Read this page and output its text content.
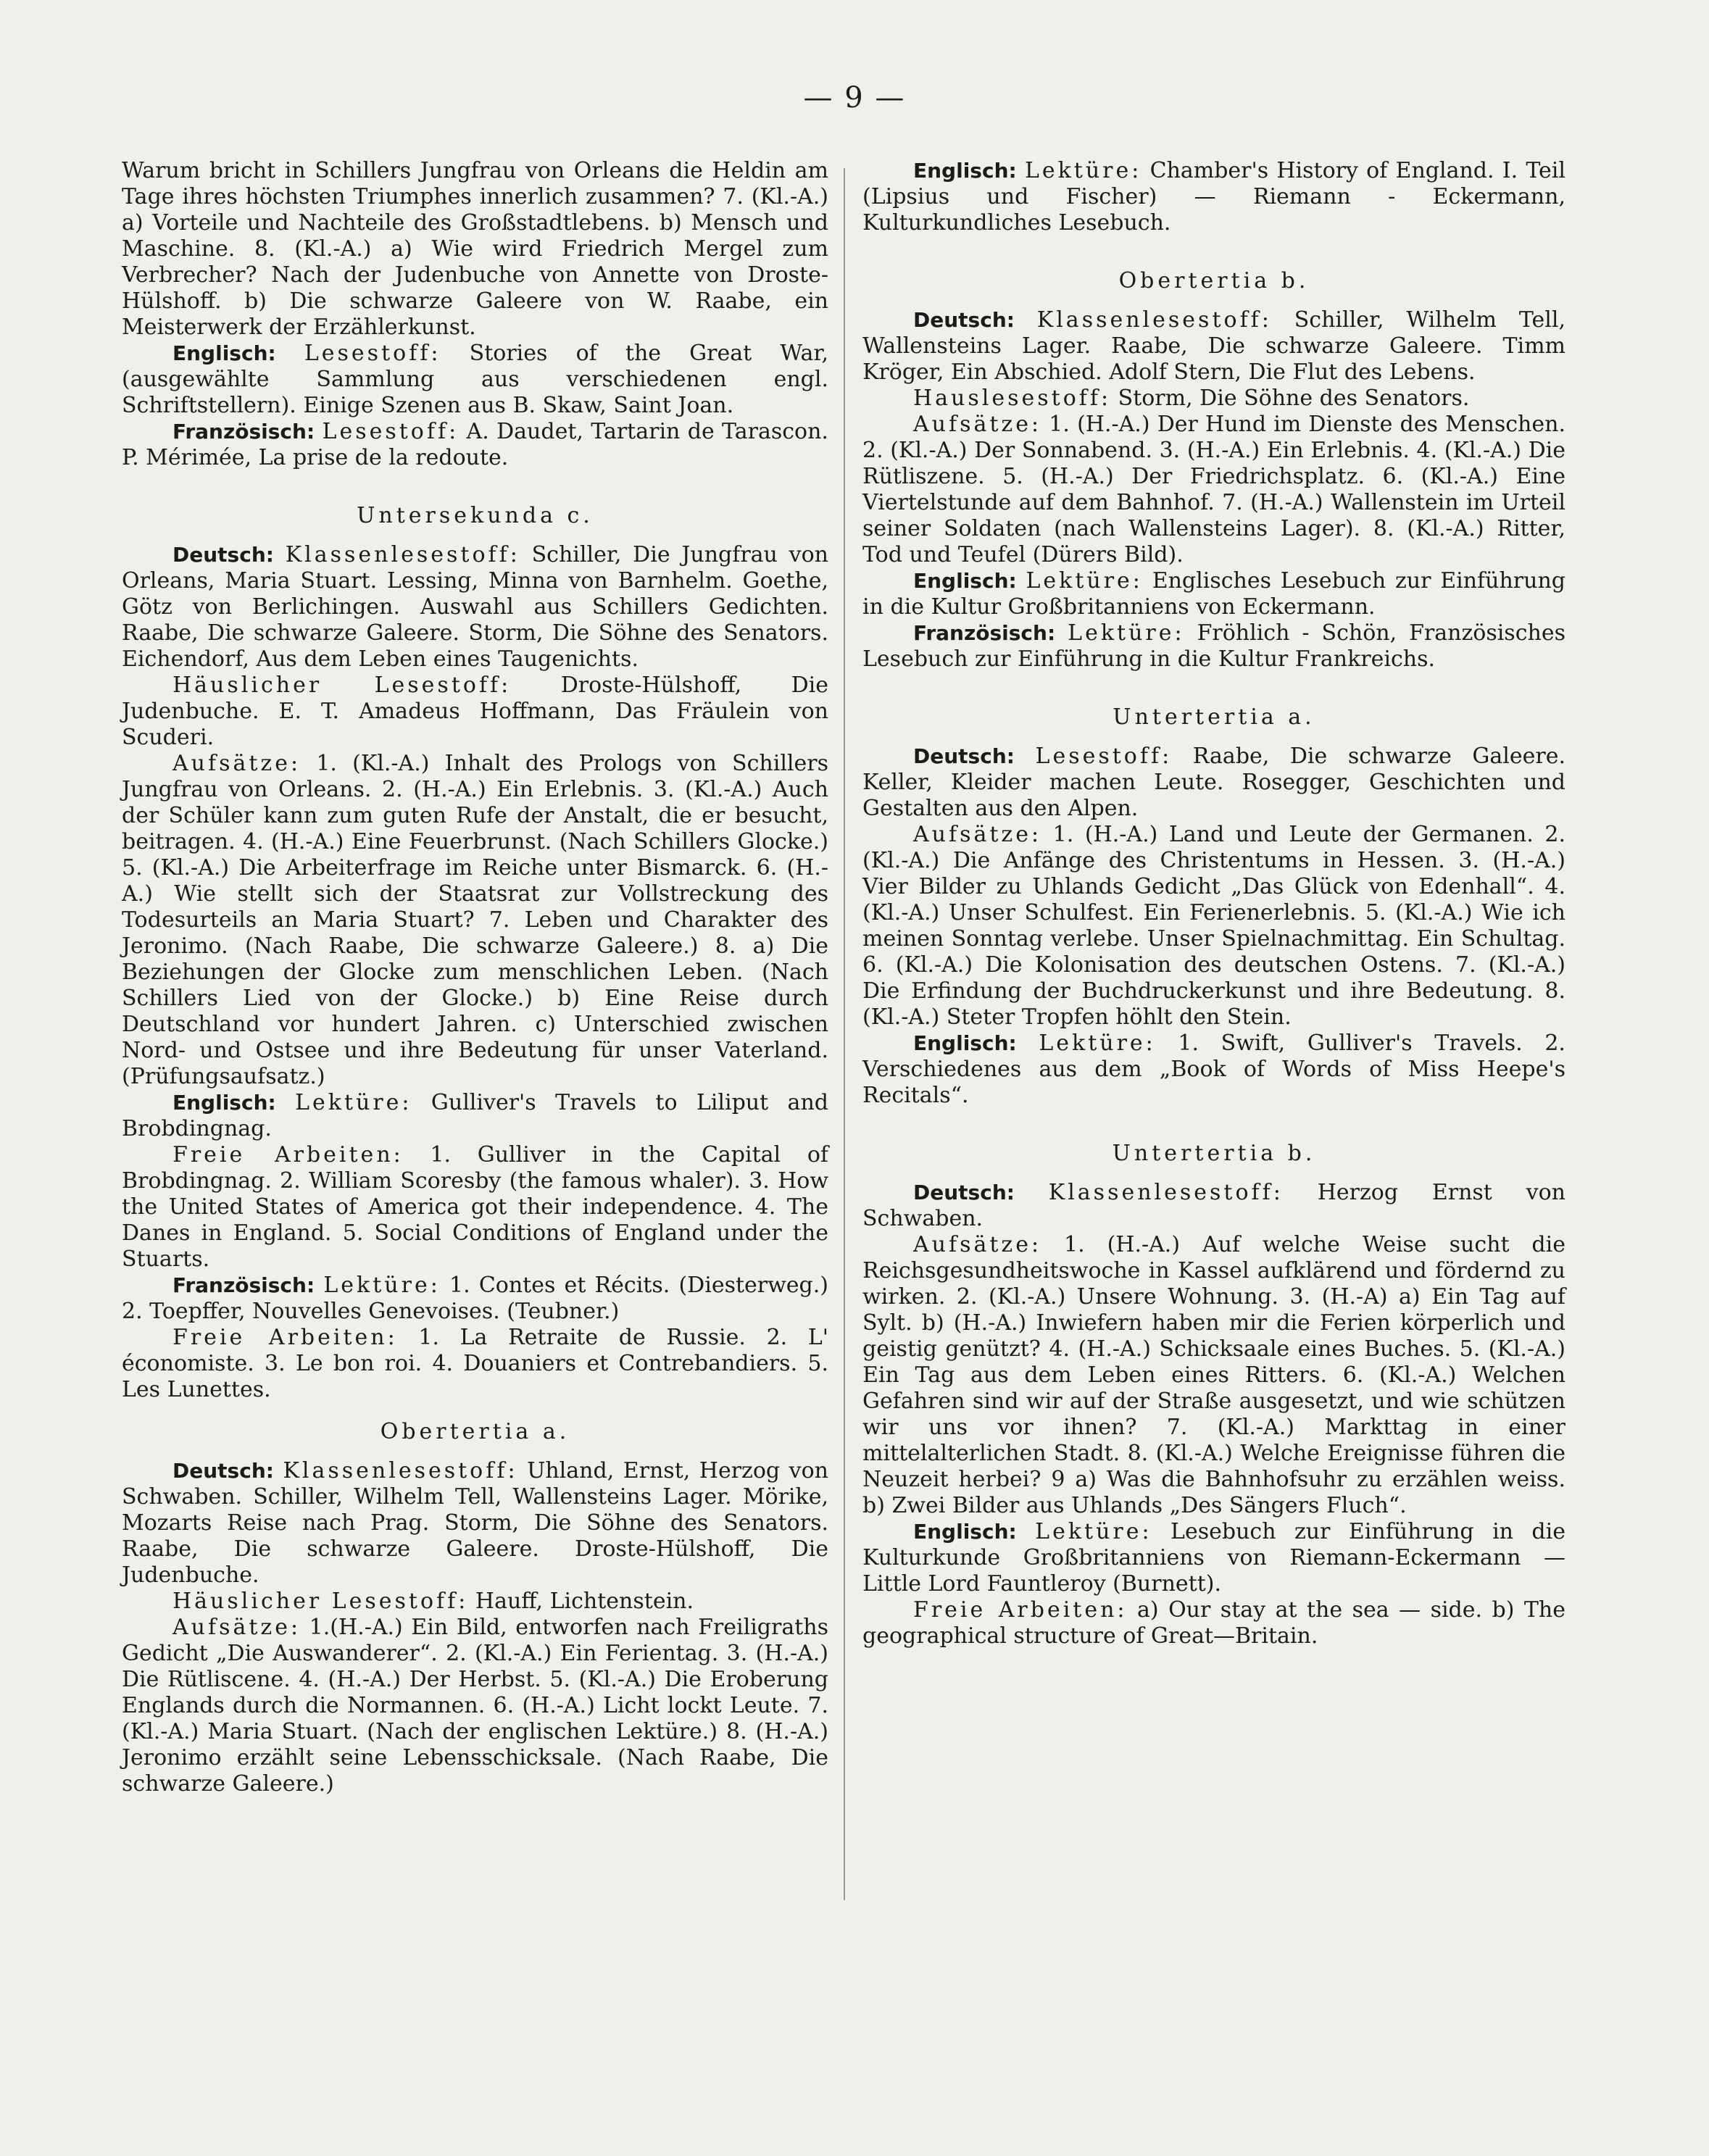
— 9 —

Warum bricht in Schillers Jungfrau von Orleans die Heldin am Tage ihres höchsten Triumphes innerlich zusammen? 7. (Kl.-A.) a) Vorteile und Nachteile des Großstadtlebens. b) Mensch und Maschine. 8. (Kl.-A.) a) Wie wird Friedrich Mergel zum Verbrecher? Nach der Judenbuche von Annette von Droste-Hülshoff. b) Die schwarze Galeere von W. Raabe, ein Meisterwerk der Erzählerkunst.

Englisch: Lesestoff: Stories of the Great War, (ausgewählte Sammlung aus verschiedenen engl. Schriftstellern). Einige Szenen aus B. Skaw, Saint Joan.

Französisch: Lesestoff: A. Daudet, Tartarin de Tarascon. P. Mérimée, La prise de la redoute.

Untersekunda c.

Deutsch: Klassenlesestoff: Schiller, Die Jungfrau von Orleans, Maria Stuart. Lessing, Minna von Barnhelm. Goethe, Götz von Berlichingen. Auswahl aus Schillers Gedichten. Raabe, Die schwarze Galeere. Storm, Die Söhne des Senators. Eichendorf, Aus dem Leben eines Taugenichts.

Häuslicher Lesestoff: Droste-Hülshoff, Die Judenbuche. E. T. Amadeus Hoffmann, Das Fräulein von Scuderi.

Aufsätze: 1. (Kl.-A.) Inhalt des Prologs von Schillers Jungfrau von Orleans. 2. (H.-A.) Ein Erlebnis. 3. (Kl.-A.) Auch der Schüler kann zum guten Rufe der Anstalt, die er besucht, beitragen. 4. (H.-A.) Eine Feuerbrunst. (Nach Schillers Glocke.) 5. (Kl.-A.) Die Arbeiterfrage im Reiche unter Bismarck. 6. (H.-A.) Wie stellt sich der Staatsrat zur Vollstreckung des Todesurteils an Maria Stuart? 7. Leben und Charakter des Jeronimo. (Nach Raabe, Die schwarze Galeere.) 8. a) Die Beziehungen der Glocke zum menschlichen Leben. (Nach Schillers Lied von der Glocke.) b) Eine Reise durch Deutschland vor hundert Jahren. c) Unterschied zwischen Nord- und Ostsee und ihre Bedeutung für unser Vaterland. (Prüfungsaufsatz.)

Englisch: Lektüre: Gulliver's Travels to Liliput and Brobdingnag.

Freie Arbeiten: 1. Gulliver in the Capital of Brobdingnag. 2. William Scoresby (the famous whaler). 3. How the United States of America got their independence. 4. The Danes in England. 5. Social Conditions of England under the Stuarts.

Französisch: Lektüre: 1. Contes et Récits. (Diesterweg.) 2. Toepffer, Nouvelles Genevoises. (Teubner.)

Freie Arbeiten: 1. La Retraite de Russie. 2. L' économiste. 3. Le bon roi. 4. Douaniers et Contrebandiers. 5. Les Lunettes.

Obertertia a.

Deutsch: Klassenlesestoff: Uhland, Ernst, Herzog von Schwaben. Schiller, Wilhelm Tell, Wallensteins Lager. Mörike, Mozarts Reise nach Prag. Storm, Die Söhne des Senators. Raabe, Die schwarze Galeere. Droste-Hülshoff, Die Judenbuche.

Häuslicher Lesestoff: Hauff, Lichtenstein.

Aufsätze: 1.(H.-A.) Ein Bild, entworfen nach Freiligraths Gedicht „Die Auswanderer“. 2. (Kl.-A.) Ein Ferientag. 3. (H.-A.) Die Rütliscene. 4. (H.-A.) Der Herbst. 5. (Kl.-A.) Die Eroberung Englands durch die Normannen. 6. (H.-A.) Licht lockt Leute. 7. (Kl.-A.) Maria Stuart. (Nach der englischen Lektüre.) 8. (H.-A.) Jeronimo erzählt seine Lebensschicksale. (Nach Raabe, Die schwarze Galeere.)

Englisch: Lektüre: Chamber's History of England. I. Teil (Lipsius und Fischer) — Riemann - Eckermann, Kulturkundliches Lesebuch.

Obertertia b.

Deutsch: Klassenlesestoff: Schiller, Wilhelm Tell, Wallensteins Lager. Raabe, Die schwarze Galeere. Timm Kröger, Ein Abschied. Adolf Stern, Die Flut des Lebens.

Hauslesestoff: Storm, Die Söhne des Senators.

Aufsätze: 1. (H.-A.) Der Hund im Dienste des Menschen. 2. (Kl.-A.) Der Sonnabend. 3. (H.-A.) Ein Erlebnis. 4. (Kl.-A.) Die Rütliszene. 5. (H.-A.) Der Friedrichsplatz. 6. (Kl.-A.) Eine Viertelstunde auf dem Bahnhof. 7. (H.-A.) Wallenstein im Urteil seiner Soldaten (nach Wallensteins Lager). 8. (Kl.-A.) Ritter, Tod und Teufel (Dürers Bild).

Englisch: Lektüre: Englisches Lesebuch zur Einführung in die Kultur Großbritanniens von Eckermann.

Französisch: Lektüre: Fröhlich - Schön, Französisches Lesebuch zur Einführung in die Kultur Frankreichs.

Untertertia a.

Deutsch: Lesestoff: Raabe, Die schwarze Galeere. Keller, Kleider machen Leute. Rosegger, Geschichten und Gestalten aus den Alpen.

Aufsätze: 1. (H.-A.) Land und Leute der Germanen. 2. (Kl.-A.) Die Anfänge des Christentums in Hessen. 3. (H.-A.) Vier Bilder zu Uhlands Gedicht „Das Glück von Edenhall“. 4. (Kl.-A.) Unser Schulfest. Ein Ferienerlebnis. 5. (Kl.-A.) Wie ich meinen Sonntag verlebe. Unser Spielnachmittag. Ein Schultag. 6. (Kl.-A.) Die Kolonisation des deutschen Ostens. 7. (Kl.-A.) Die Erfindung der Buchdruckerkunst und ihre Bedeutung. 8. (Kl.-A.) Steter Tropfen höhlt den Stein.

Englisch: Lektüre: 1. Swift, Gulliver's Travels. 2. Verschiedenes aus dem „Book of Words of Miss Heepe's Recitals“.

Untertertia b.

Deutsch: Klassenlesestoff: Herzog Ernst von Schwaben.

Aufsätze: 1. (H.-A.) Auf welche Weise sucht die Reichsgesundheitswoche in Kassel aufklärend und fördernd zu wirken. 2. (Kl.-A.) Unsere Wohnung. 3. (H.-A) a) Ein Tag auf Sylt. b) (H.-A.) Inwiefern haben mir die Ferien körperlich und geistig genützt? 4. (H.-A.) Schicksaale eines Buches. 5. (Kl.-A.) Ein Tag aus dem Leben eines Ritters. 6. (Kl.-A.) Welchen Gefahren sind wir auf der Straße ausgesetzt, und wie schützen wir uns vor ihnen? 7. (Kl.-A.) Markttag in einer mittelalterlichen Stadt. 8. (Kl.-A.) Welche Ereignisse führen die Neuzeit herbei? 9 a) Was die Bahnhofsuhr zu erzählen weiss. b) Zwei Bilder aus Uhlands „Des Sängers Fluch“.

Englisch: Lektüre: Lesebuch zur Einführung in die Kulturkunde Großbritanniens von Riemann-Eckermann — Little Lord Fauntleroy (Burnett).

Freie Arbeiten: a) Our stay at the sea — side. b) The geographical structure of Great—Britain.
